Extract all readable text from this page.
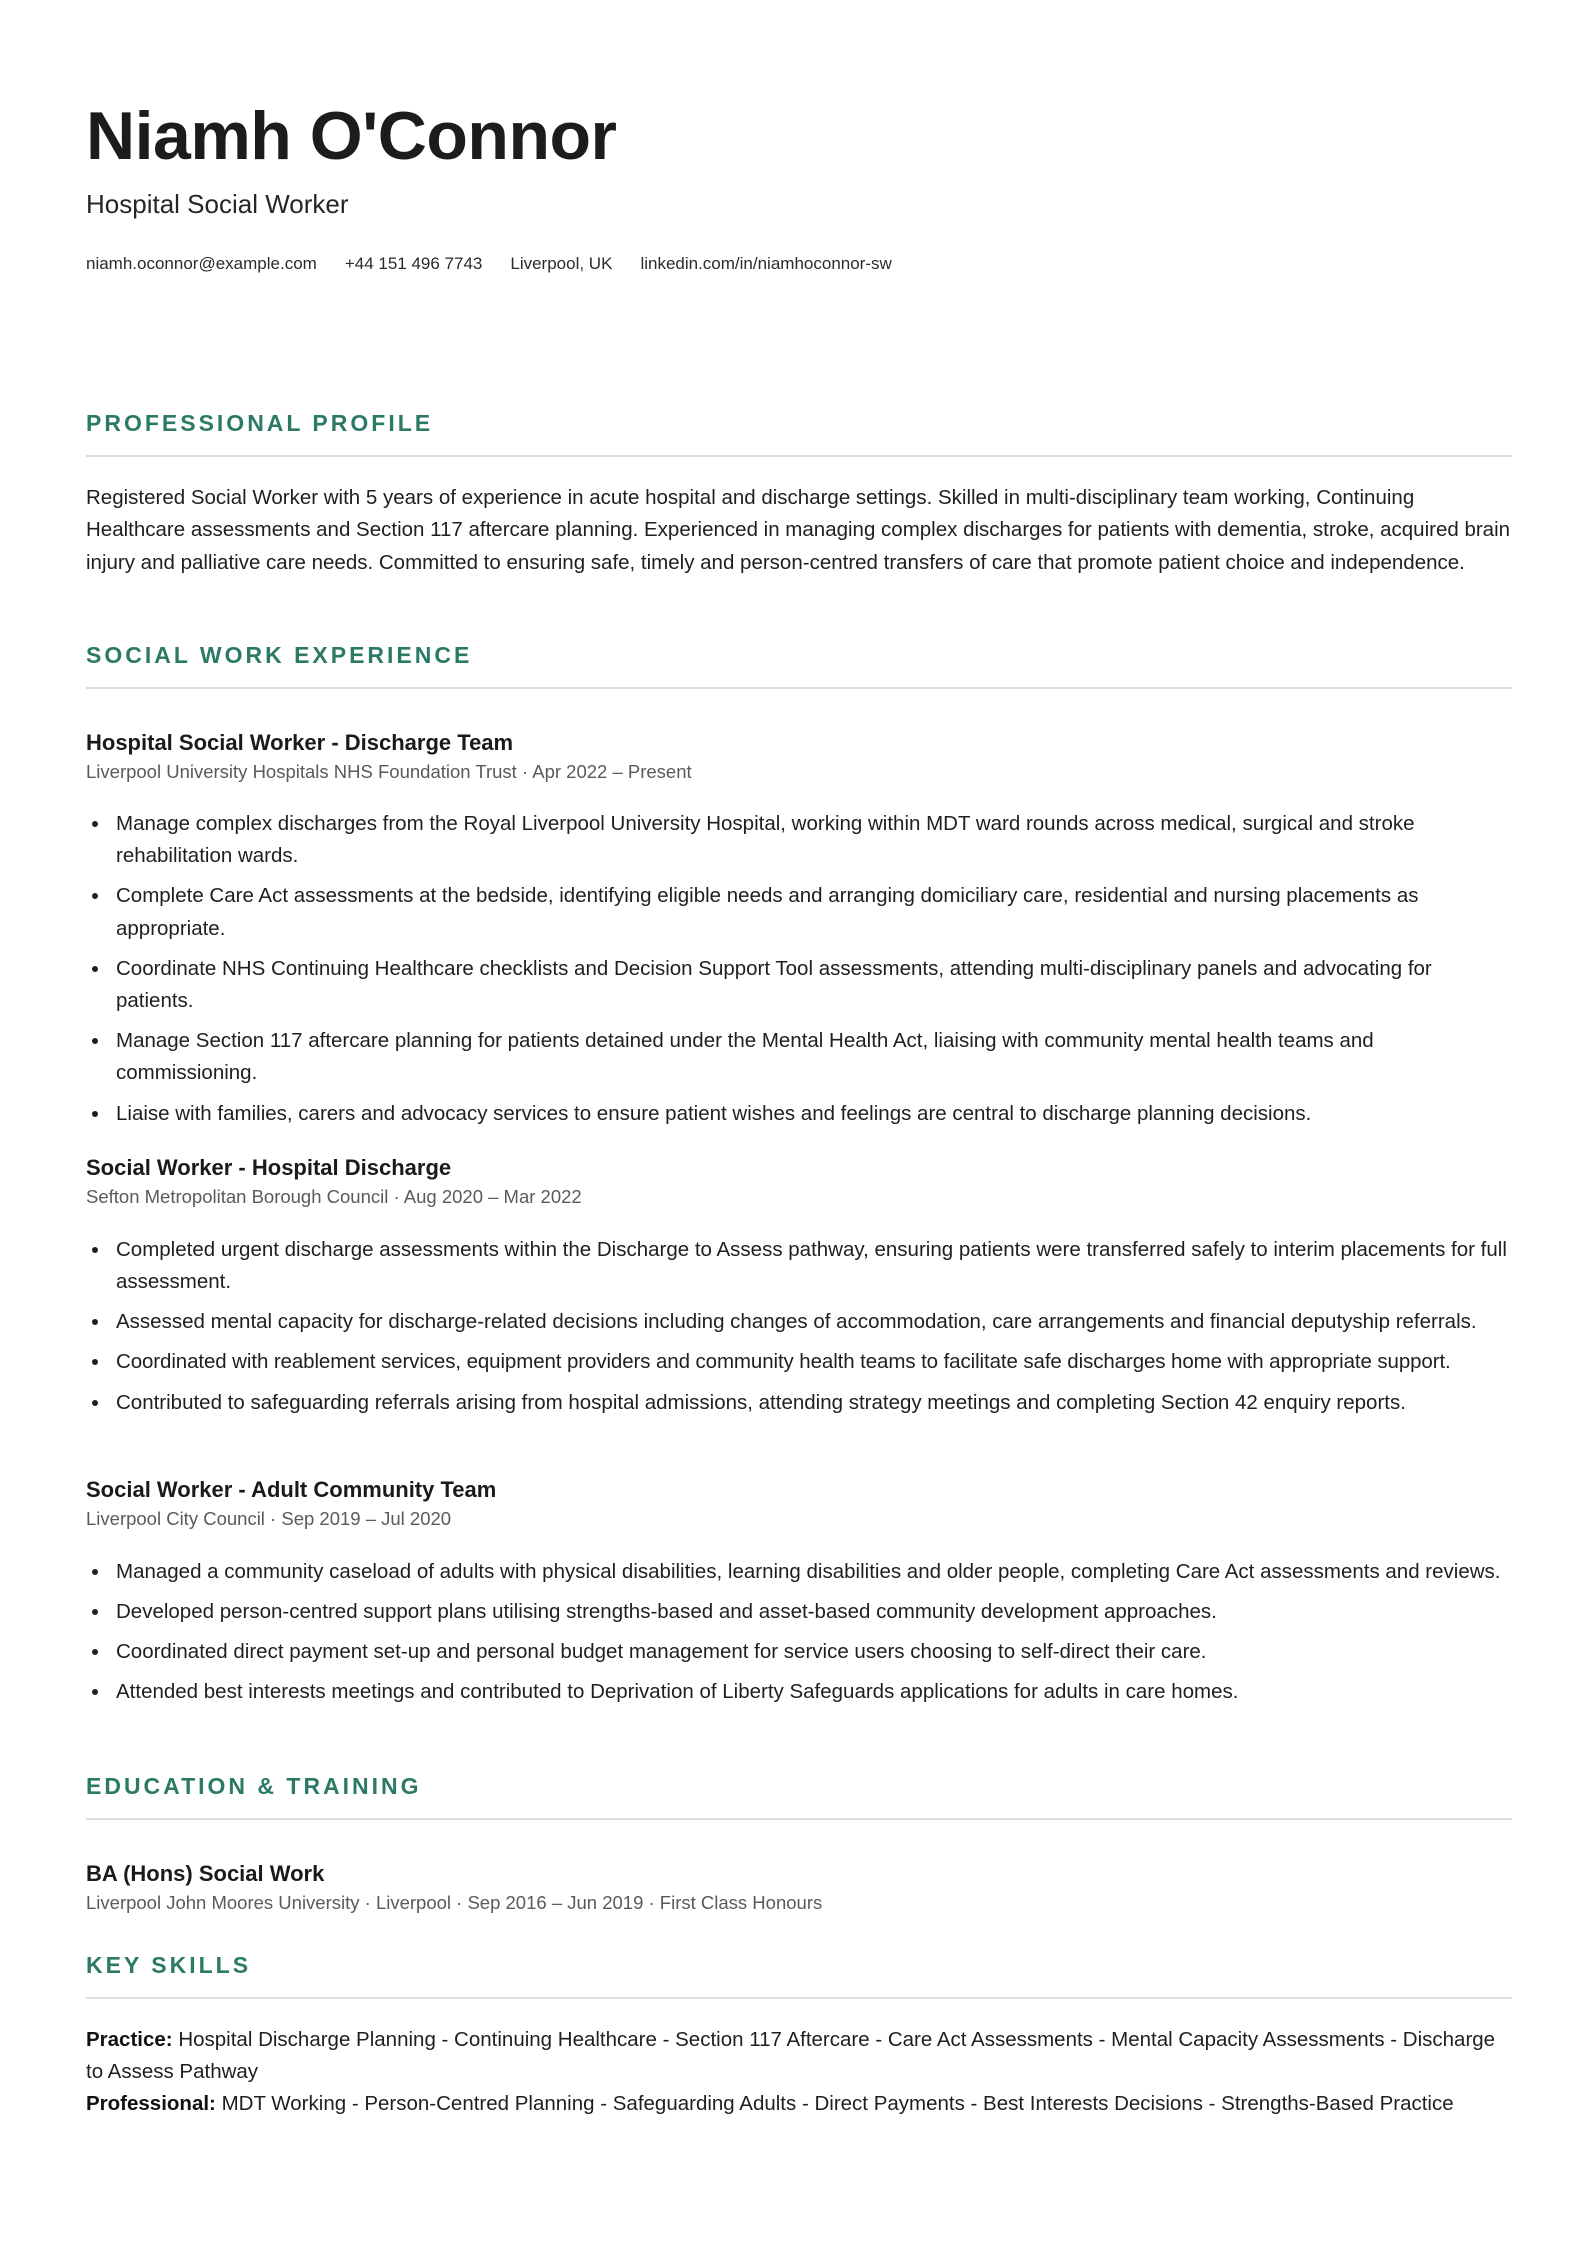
Niamh O'Connor
Hospital Social Worker
niamh.oconnor@example.com +44 151 496 7743 Liverpool, UK linkedin.com/in/niamhoconnor-sw
PROFESSIONAL PROFILE
Registered Social Worker with 5 years of experience in acute hospital and discharge settings. Skilled in multi-disciplinary team working, Continuing Healthcare assessments and Section 117 aftercare planning. Experienced in managing complex discharges for patients with dementia, stroke, acquired brain injury and palliative care needs. Committed to ensuring safe, timely and person-centred transfers of care that promote patient choice and independence.
SOCIAL WORK EXPERIENCE
Hospital Social Worker - Discharge Team
Liverpool University Hospitals NHS Foundation Trust · Apr 2022 – Present
Manage complex discharges from the Royal Liverpool University Hospital, working within MDT ward rounds across medical, surgical and stroke rehabilitation wards.
Complete Care Act assessments at the bedside, identifying eligible needs and arranging domiciliary care, residential and nursing placements as appropriate.
Coordinate NHS Continuing Healthcare checklists and Decision Support Tool assessments, attending multi-disciplinary panels and advocating for patients.
Manage Section 117 aftercare planning for patients detained under the Mental Health Act, liaising with community mental health teams and commissioning.
Liaise with families, carers and advocacy services to ensure patient wishes and feelings are central to discharge planning decisions.
Social Worker - Hospital Discharge
Sefton Metropolitan Borough Council · Aug 2020 – Mar 2022
Completed urgent discharge assessments within the Discharge to Assess pathway, ensuring patients were transferred safely to interim placements for full assessment.
Assessed mental capacity for discharge-related decisions including changes of accommodation, care arrangements and financial deputyship referrals.
Coordinated with reablement services, equipment providers and community health teams to facilitate safe discharges home with appropriate support.
Contributed to safeguarding referrals arising from hospital admissions, attending strategy meetings and completing Section 42 enquiry reports.
Social Worker - Adult Community Team
Liverpool City Council · Sep 2019 – Jul 2020
Managed a community caseload of adults with physical disabilities, learning disabilities and older people, completing Care Act assessments and reviews.
Developed person-centred support plans utilising strengths-based and asset-based community development approaches.
Coordinated direct payment set-up and personal budget management for service users choosing to self-direct their care.
Attended best interests meetings and contributed to Deprivation of Liberty Safeguards applications for adults in care homes.
EDUCATION & TRAINING
BA (Hons) Social Work
Liverpool John Moores University · Liverpool · Sep 2016 – Jun 2019 · First Class Honours
KEY SKILLS
Practice: Hospital Discharge Planning - Continuing Healthcare - Section 117 Aftercare - Care Act Assessments - Mental Capacity Assessments - Discharge to Assess Pathway
Professional: MDT Working - Person-Centred Planning - Safeguarding Adults - Direct Payments - Best Interests Decisions - Strengths-Based Practice
